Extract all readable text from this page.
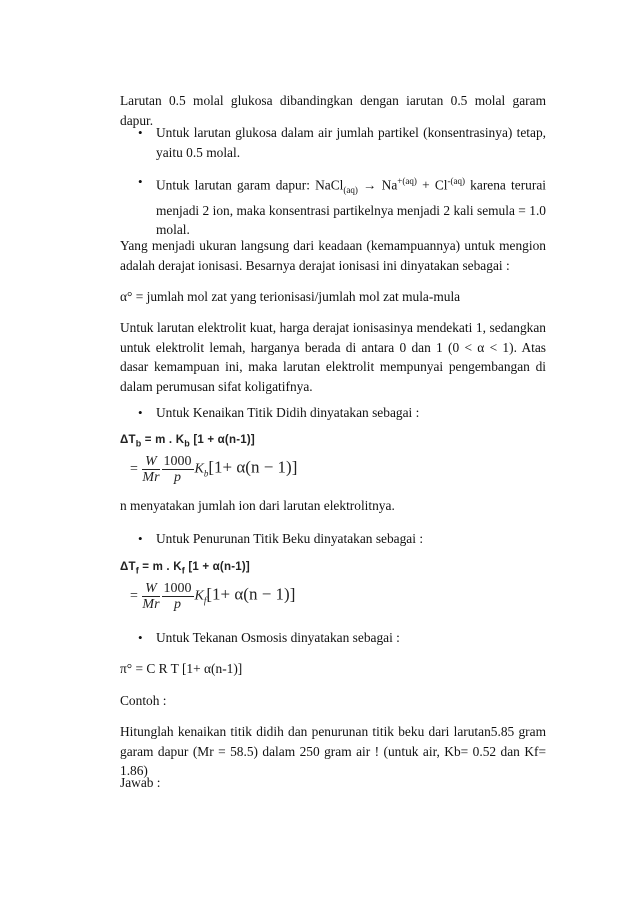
Larutan 0.5 molal glukosa dibandingkan dengan iarutan 0.5 molal garam dapur.

• Untuk larutan glukosa dalam air jumlah partikel (konsentrasinya) tetap, yaitu 0.5 molal.

• Untuk larutan garam dapur: NaCl$_{(aq)}$ → $Na^{+(aq)} + Cl^{-(aq)}$ karena terurai menjadi 2 ion, maka konsentrasi partikelnya menjadi 2 kali semula = 1.0 molal.

Yang menjadi ukuran langsung dari keadaan (kemampuannya) untuk mengion adalah derajat ionisasi. Besarnya derajat ionisasi ini dinyatakan sebagai :

α° = jumlah mol zat yang terionisasi/jumlah mol zat mula-mula

Untuk larutan elektrolit kuat, harga derajat ionisasinya mendekati 1, sedangkan untuk elektrolit lemah, harganya berada di antara 0 dan 1 (0 < α < 1). Atas dasar kemampuan ini, maka larutan elektrolit mempunyai pengembangan di dalam perumusan sifat koligatifnya.

• Untuk Kenaikan Titik Didih dinyatakan sebagai :

$\Delta T_b = m$ . $K_b$ [1 + α(n-1)]
= $\frac{W}{Mr} \frac{1000}{p} K_b[1+ \alpha(n - 1)]$

n menyatakan jumlah ion dari larutan elektrolitnya.

• Untuk Penurunan Titik Beku dinyatakan sebagai :

$\Delta T_f = m$ . $K_f$ [1 + α(n-1)]
= $\frac{W}{Mr} \frac{1000}{p} K_f[1+ \alpha(n - 1)]$
• Untuk Tekanan Osmosis dinyatakan sebagai :

π° = C R T [1+ α(n-1)]

Contoh :

Hitunglah kenaikan titik didih dan penurunan titik beku dari larutan5.85 gram garam dapur (Mr = 58.5) dalam 250 gram air ! (untuk air, Kb= 0.52 dan Kf= 1.86)

Jawab :
